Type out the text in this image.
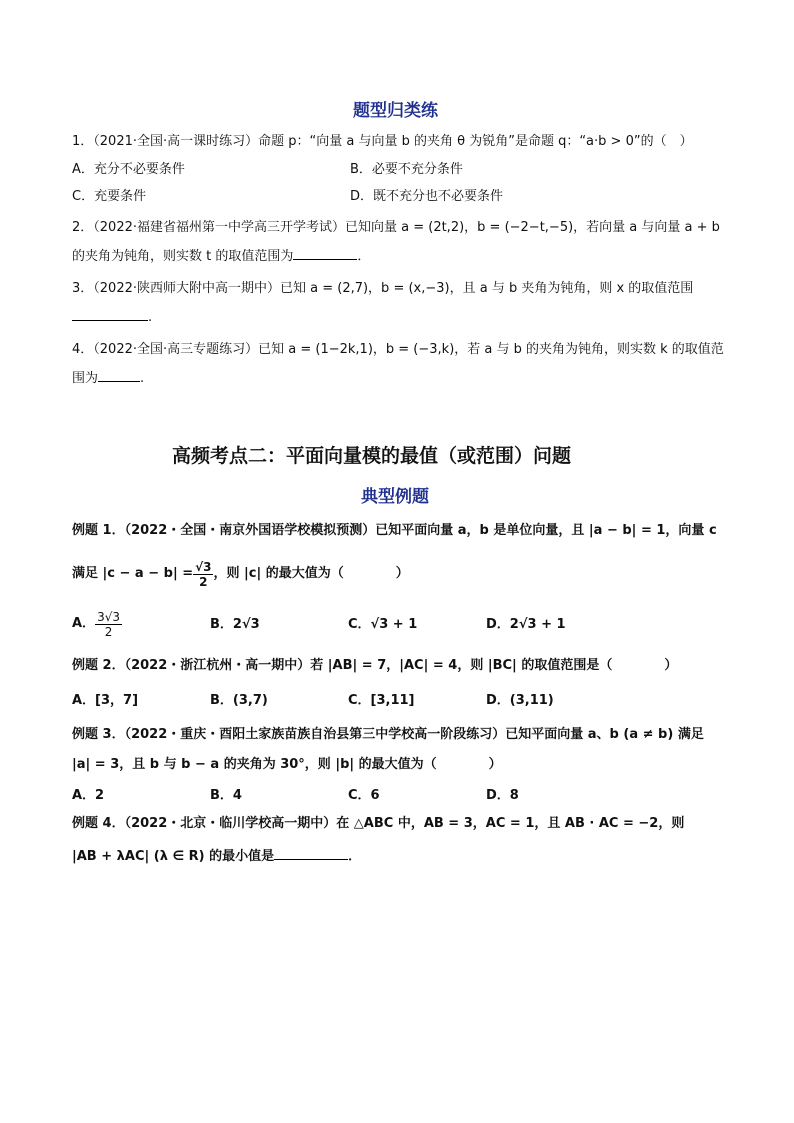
题型归类练
1．（2021·全国·高一课时练习）命题 p：“向量 a 与向量 b 的夹角 θ 为锐角”是命题 q：“a·b > 0”的（　）
A．充分不必要条件	B．必要不充分条件
C．充要条件	D．既不充分也不必要条件
2．（2022·福建省福州第一中学高三开学考试）已知向量 a = (2t,2)，b = (−2−t,−5)，若向量 a 与向量 a + b
的夹角为钝角，则实数 t 的取值范围为	．
3．（2022·陕西师大附中高一期中）已知 a = (2,7)，b = (x,−3)，且 a 与 b 夹角为钝角，则 x 的取值范围
.
4．（2022·全国·高三专题练习）已知 a = (1−2k,1)，b = (−3,k)，若 a 与 b 的夹角为钝角，则实数 k 的取值范
围为	.
高频考点二：平面向量模的最值（或范围）问题
典型例题
例题 1．（2022・全国・南京外国语学校模拟预测）已知平面向量 a，b 是单位向量，且 |a − b| = 1，向量 c
满足 $|c - a - b| = \frac{√3}{2}$ ，则 |c| 的最大值为（　　　　）
A． $\frac{3√3}{2}$	B．2√3	C．√3 + 1	D．2√3 + 1
例题 2．（2022・浙江杭州・高一期中）若 |AB| = 7，|AC| = 4，则 |BC| 的取值范围是（　　　　）
A．[3，7]	B．(3,7)	C．[3,11]	D．(3,11)
例题 3．（2022・重庆・酉阳土家族苗族自治县第三中学校高一阶段练习）已知平面向量 a、b (a ≠ b) 满足
|a| = 3，且 b 与 b − a 的夹角为 30°，则 |b| 的最大值为（　　　　）
A．2	B．4	C．6	D．8
例题 4．（2022・北京・临川学校高一期中）在 △ABC 中，AB = 3，AC = 1，且 AB · AC = −2，则
|AB + λAC| (λ ∈ R) 的最小值是	．
